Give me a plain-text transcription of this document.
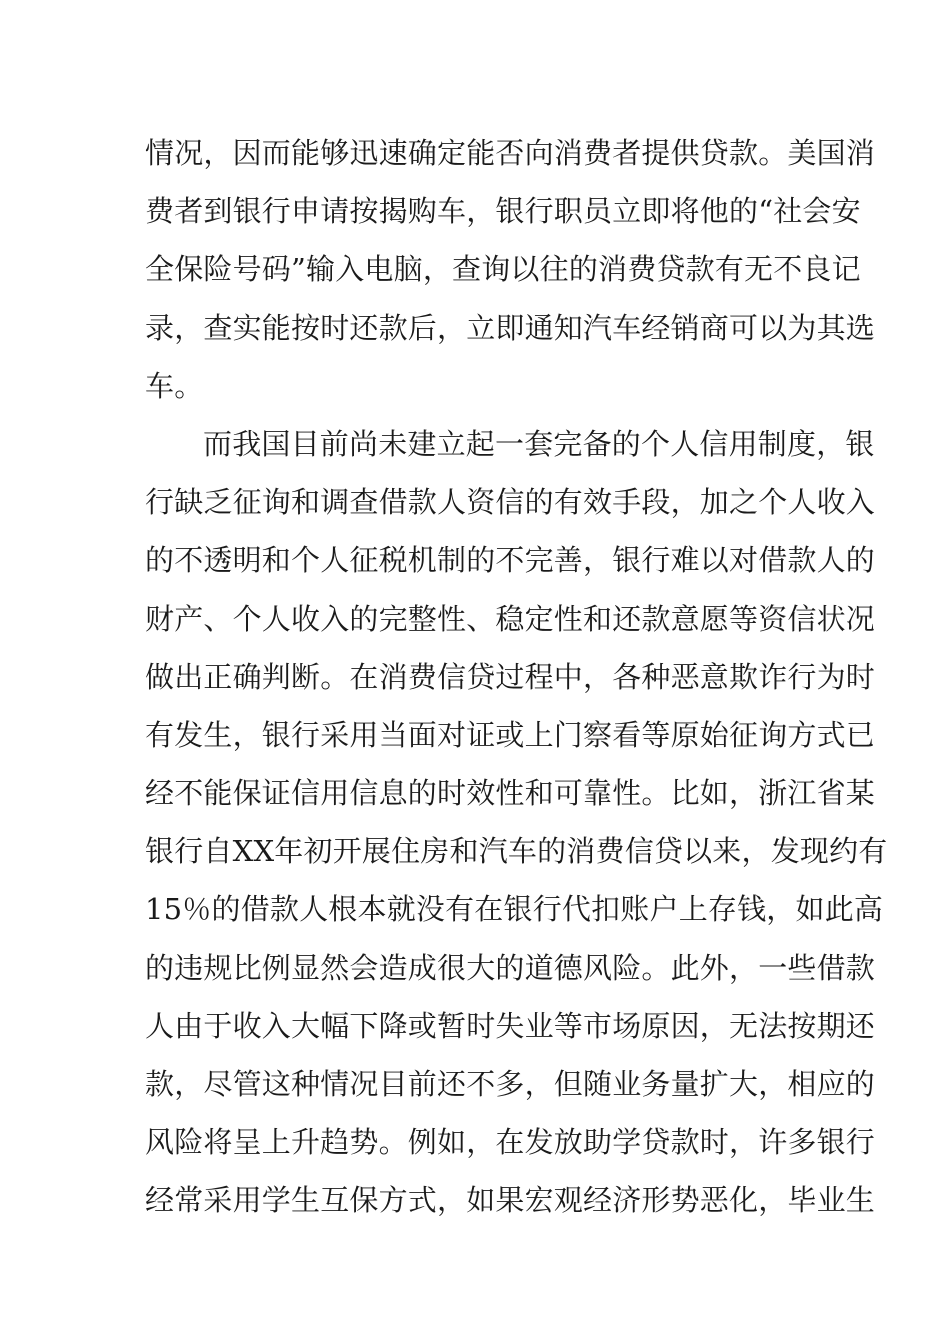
情况，因而能够迅速确定能否向消费者提供贷款。美国消
费者到银行申请按揭购车，银行职员立即将他的“社会安
全保险号码”输入电脑，查询以往的消费贷款有无不良记
录，查实能按时还款后，立即通知汽车经销商可以为其选
车。
而我国目前尚未建立起一套完备的个人信用制度，银
行缺乏征询和调查借款人资信的有效手段，加之个人收入
的不透明和个人征税机制的不完善，银行难以对借款人的
财产、个人收入的完整性、稳定性和还款意愿等资信状况
做出正确判断。在消费信贷过程中，各种恶意欺诈行为时
有发生，银行采用当面对证或上门察看等原始征询方式已
经不能保证信用信息的时效性和可靠性。比如，浙江省某
银行自XX年初开展住房和汽车的消费信贷以来，发现约有
15％的借款人根本就没有在银行代扣账户上存钱，如此高
的违规比例显然会造成很大的道德风险。此外，一些借款
人由于收入大幅下降或暂时失业等市场原因，无法按期还
款，尽管这种情况目前还不多，但随业务量扩大，相应的
风险将呈上升趋势。例如，在发放助学贷款时，许多银行
经常采用学生互保方式，如果宏观经济形势恶化，毕业生
